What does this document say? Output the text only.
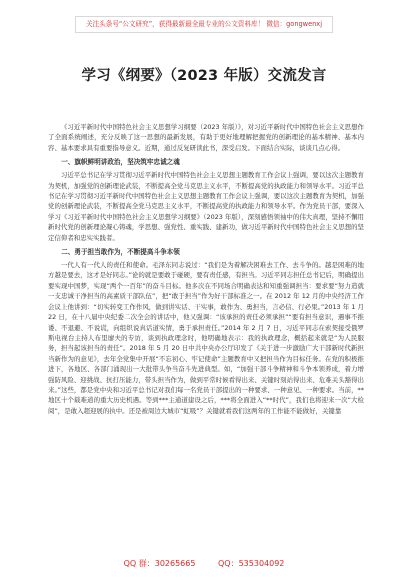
关注头条号“公文研究”，获得最新最全最专业的公文资料库！ 微信：gongwenxj
学习《纲要》（2023 年版）交流发言

《习近平新时代中国特色社会主义思想学习纲要（2023 年版）》，对习近平新时代中国特色社会主义思想作了全面系统阐述，充分反映了这一思想的最新发展，有助于更好地理解把握党的创新理论的基本精神、基本内容、基本要求具有重要指导意义。近期，通过反复研读此书，深受启发。下面结合实际，谈谈几点心得。

一、旗帜鲜明讲政治，坚决筑牢忠诚之魂

习近平总书记在学习贯彻习近平新时代中国特色社会主义思想主题教育工作会议上强调，要以这次主题教育为契机，加强党的创新理论武装，不断提高全党马克思主义水平，不断提高党的执政能力和领导水平。习近平总书记在学习贯彻习近平新时代中国特色社会主义思想主题教育工作会议上强调，要以这次主题教育为契机，加强党的创新理论武装，不断提高全党马克思主义水平，不断提高党的执政能力和领导水平。作为党员干部，要深入学习《习近平新时代中国特色社会主义思想学习纲要》（2023 年版），深刻感悟领袖中的伟大真理，坚持不懈用新时代党的创新理论凝心铸魂，学思想、强党性、重实践、建新功，做习近平新时代中国特色社会主义思想的坚定信仰者和忠实实践者。

二、勇于担当敢作为，不断提高斗争本领

一代人有一代人的责任和使命。毛泽东同志说过：“我们是为着解决困难去工作、去斗争的。越是困难的地方越是要去，这才是好同志。”论的就是要敢于碰硬，要有责任感，有担当。习近平同志担任总书记后，明确提出要实现中国梦，实现“两个一百年”的奋斗目标。他多次在不同场合明确表达和知重强调担当：要求要“努力造就一支忠诚干净担当的高素质干部队伍”，把“敢于担当”作为好干部标准之一。在 2012 年 12 月的中央经济工作会议上他讲到：“切实转变工作作风，做到讲实话、干实事，敢作为、勇担当，言必信、行必果。”2013 年 1 月 22 日，在十八届中央纪委二次全会的讲话中，他又强调：“该承担的责任必须承担”“要有担当意识，遇事不推诿、不退避、不说谎，向组织说真话道实情，勇于承担责任。”2014 年 2 月 7 日，习近平同志在索契接受俄罗斯电视台主持人布里廖夫的专访，谈到执政理念时，他明确地表示：我的执政理念，概括起来就是“为人民服务，担当起该担当的责任”。2018 年 5 月 20 日中共中央办公厅印发了《关于进一步激励广大干部新时代新担当新作为的意见》，去年全党集中开展“不忘初心、牢记使命”主题教育中又把担当作为目标任务。在党的积极推进下，各地区、各部门涌现出一大批带头争当奋斗先进典型。如，“加强干部斗争精神和斗争本领养成，着力增强防风险、迎挑战、抗打压能力，带头担当作为，做到平常时候看得出来、关键时刻站得出来、危难关头豁得出来。”这些，都是党中央和习近平总书记对我们每一名党员干部提出的一种要求、一种意见、一种要求。当前，**地区十个载难道的重大历史机遇。等到***主通道建设之后，***将全面进入“**时代”，我们也将迎来一次“大检阅”，是敢入超迎展的执中。还是被周边大城市“虹吸”？关键就看我们这两年的工作能不能做好，关键靠

QQ 群：30265665	QQ：535304092
